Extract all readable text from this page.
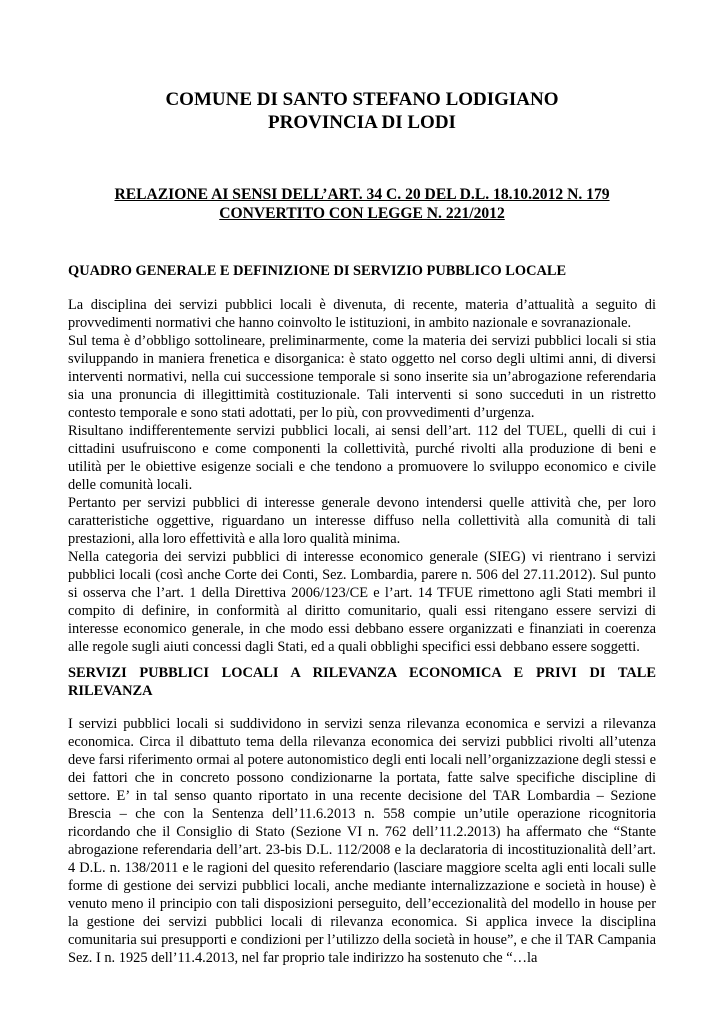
COMUNE DI SANTO STEFANO LODIGIANO
PROVINCIA DI LODI
RELAZIONE AI SENSI DELL’ART. 34 C. 20 DEL D.L. 18.10.2012 N. 179
CONVERTITO CON LEGGE N. 221/2012
QUADRO GENERALE E DEFINIZIONE DI SERVIZIO PUBBLICO LOCALE

La disciplina dei servizi pubblici locali è divenuta, di recente, materia d’attualità a seguito di provvedimenti normativi che hanno coinvolto le istituzioni, in ambito nazionale e sovranazionale.

Sul tema è d’obbligo sottolineare, preliminarmente, come la materia dei servizi pubblici locali si stia sviluppando in maniera frenetica e disorganica: è stato oggetto nel corso degli ultimi anni, di diversi interventi normativi, nella cui successione temporale si sono inserite sia un’abrogazione referendaria sia una pronuncia di illegittimità costituzionale. Tali interventi si sono succeduti in un ristretto contesto temporale e sono stati adottati, per lo più, con provvedimenti d’urgenza.

Risultano indifferentemente servizi pubblici locali, ai sensi dell’art. 112 del TUEL, quelli di cui i cittadini usufruiscono e come componenti la collettività, purché rivolti alla produzione di beni e utilità per le obiettive esigenze sociali e che tendono a promuovere lo sviluppo economico e civile delle comunità locali.

Pertanto per servizi pubblici di interesse generale devono intendersi quelle attività che, per loro caratteristiche oggettive, riguardano un interesse diffuso nella collettività alla comunità di tali prestazioni, alla loro effettività e alla loro qualità minima.

Nella categoria dei servizi pubblici di interesse economico generale (SIEG) vi rientrano i servizi pubblici locali (così anche Corte dei Conti, Sez. Lombardia, parere n. 506 del 27.11.2012). Sul punto si osserva che l’art. 1 della Direttiva 2006/123/CE e l’art. 14 TFUE rimettono agli Stati membri il compito di definire, in conformità al diritto comunitario, quali essi ritengano essere servizi di interesse economico generale, in che modo essi debbano essere organizzati e finanziati in coerenza alle regole sugli aiuti concessi dagli Stati, ed a quali obblighi specifici essi debbano essere soggetti.

SERVIZI PUBBLICI LOCALI A RILEVANZA ECONOMICA E PRIVI DI TALE RILEVANZA

I servizi pubblici locali si suddividono in servizi senza rilevanza economica e servizi a rilevanza economica. Circa il dibattuto tema della rilevanza economica dei servizi pubblici rivolti all’utenza deve farsi riferimento ormai al potere autonomistico degli enti locali nell’organizzazione degli stessi e dei fattori che in concreto possono condizionarne la portata, fatte salve specifiche discipline di settore. E’ in tal senso quanto riportato in una recente decisione del TAR Lombardia – Sezione Brescia – che con la Sentenza dell’11.6.2013 n. 558 compie un’utile operazione ricognitoria ricordando che il Consiglio di Stato (Sezione VI n. 762 dell’11.2.2013) ha affermato che “Stante abrogazione referendaria dell’art. 23-bis D.L. 112/2008 e la declaratoria di incostituzionalità dell’art. 4 D.L. n. 138/2011 e le ragioni del quesito referendario (lasciare maggiore scelta agli enti locali sulle forme di gestione dei servizi pubblici locali, anche mediante internalizzazione e società in house) è venuto meno il principio con tali disposizioni perseguito, dell’eccezionalità del modello in house per la gestione dei servizi pubblici locali di rilevanza economica. Si applica invece la disciplina comunitaria sui presupporti e condizioni per l’utilizzo della società in house”, e che il TAR Campania Sez. I n. 1925 dell’11.4.2013, nel far proprio tale indirizzo ha sostenuto che “…la
